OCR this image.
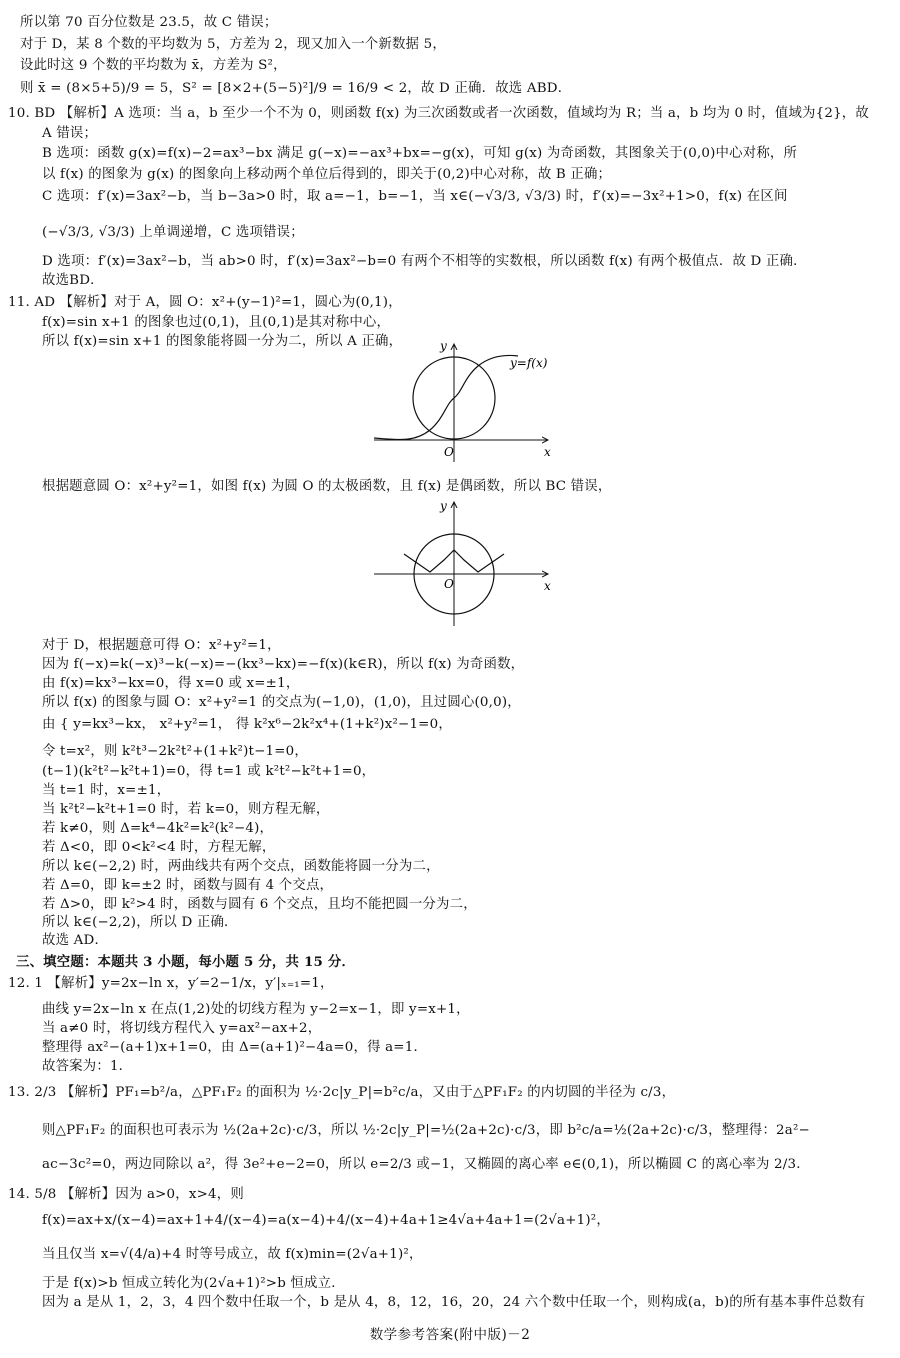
所以第 70 百分位数是 23.5，故 C 错误；
对于 D，某 8 个数的平均数为 5，方差为 2，现又加入一个新数据 5，
设此时这 9 个数的平均数为 x̄，方差为 S²，
则 x̄ = (8×5+5)/9 = 5，S² = [8×2+(5−5)²]/9 = 16/9 < 2，故 D 正确．故选 ABD．
10. BD 【解析】A 选项：当 a，b 至少一个不为 0，则函数 f(x) 为三次函数或者一次函数，值域均为 R；当 a，b 均为 0 时，值域为{2}，故
A 错误；
B 选项：函数 g(x)=f(x)−2=ax³−bx 满足 g(−x)=−ax³+bx=−g(x)，可知 g(x) 为奇函数，其图象关于(0,0)中心对称，所
以 f(x) 的图象为 g(x) 的图象向上移动两个单位后得到的，即关于(0,2)中心对称，故 B 正确；
C 选项：f′(x)=3ax²−b，当 b−3a>0 时，取 a=−1，b=−1，当 x∈(−√3/3, √3/3) 时，f′(x)=−3x²+1>0，f(x) 在区间
(−√3/3, √3/3) 上单调递增，C 选项错误；
D 选项：f′(x)=3ax²−b，当 ab>0 时，f′(x)=3ax²−b=0 有两个不相等的实数根，所以函数 f(x) 有两个极值点．故 D 正确．
故选BD．
11. AD 【解析】对于 A，圆 O：x²+(y−1)²=1，圆心为(0,1)，
f(x)=sin x+1 的图象也过(0,1)，且(0,1)是其对称中心，
所以 f(x)=sin x+1 的图象能将圆一分为二，所以 A 正确，	y
x
O
y=f(x)
根据题意圆 O：x²+y²=1，如图 f(x) 为圆 O 的太极函数，且 f(x) 是偶函数，所以 BC 错误，
y
x
O
对于 D，根据题意可得 O：x²+y²=1，
因为 f(−x)=k(−x)³−k(−x)=−(kx³−kx)=−f(x)(k∈R)，所以 f(x) 为奇函数，
由 f(x)=kx³−kx=0，得 x=0 或 x=±1，
所以 f(x) 的图象与圆 O：x²+y²=1 的交点为(−1,0)，(1,0)，且过圆心(0,0)，
由 { y=kx³−kx， x²+y²=1， 得 k²x⁶−2k²x⁴+(1+k²)x²−1=0，
令 t=x²，则 k²t³−2k²t²+(1+k²)t−1=0，
(t−1)(k²t²−k²t+1)=0，得 t=1 或 k²t²−k²t+1=0，
当 t=1 时，x=±1，
当 k²t²−k²t+1=0 时，若 k=0，则方程无解，
若 k≠0，则 Δ=k⁴−4k²=k²(k²−4)，
若 Δ<0，即 0<k²<4 时，方程无解，
所以 k∈(−2,2) 时，两曲线共有两个交点，函数能将圆一分为二，
若 Δ=0，即 k=±2 时，函数与圆有 4 个交点，
若 Δ>0，即 k²>4 时，函数与圆有 6 个交点，且均不能把圆一分为二，
所以 k∈(−2,2)，所以 D 正确．
故选 AD．
三、填空题：本题共 3 小题，每小题 5 分，共 15 分．
12. 1 【解析】y=2x−ln x，y′=2−1/x，y′|ₓ₌₁=1，
曲线 y=2x−ln x 在点(1,2)处的切线方程为 y−2=x−1，即 y=x+1，
当 a≠0 时，将切线方程代入 y=ax²−ax+2，
整理得 ax²−(a+1)x+1=0，由 Δ=(a+1)²−4a=0，得 a=1．
故答案为：1．
13. 2/3 【解析】PF₁=b²/a，△PF₁F₂ 的面积为 ½·2c|y_P|=b²c/a，又由于△PF₁F₂ 的内切圆的半径为 c/3，
则△PF₁F₂ 的面积也可表示为 ½(2a+2c)·c/3，所以 ½·2c|y_P|=½(2a+2c)·c/3，即 b²c/a=½(2a+2c)·c/3，整理得：2a²−
ac−3c²=0，两边同除以 a²，得 3e²+e−2=0，所以 e=2/3 或−1，又椭圆的离心率 e∈(0,1)，所以椭圆 C 的离心率为 2/3．
14. 5/8 【解析】因为 a>0，x>4，则
f(x)=ax+x/(x−4)=ax+1+4/(x−4)=a(x−4)+4/(x−4)+4a+1≥4√a+4a+1=(2√a+1)²，
当且仅当 x=√(4/a)+4 时等号成立，故 f(x)min=(2√a+1)²，
于是 f(x)>b 恒成立转化为(2√a+1)²>b 恒成立．
因为 a 是从 1，2，3，4 四个数中任取一个，b 是从 4，8，12，16，20，24 六个数中任取一个，则构成(a，b)的所有基本事件总数有
数学参考答案(附中版)－2
